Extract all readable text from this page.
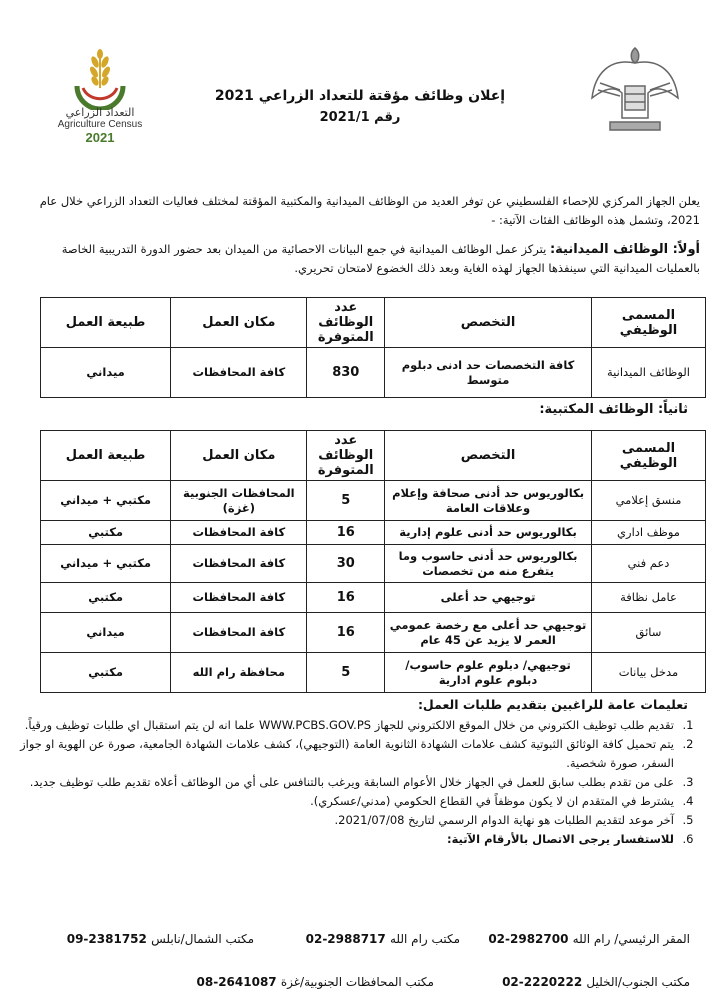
التعداد الزراعي
Agriculture Census
2021
إعلان وظائف مؤقتة للتعداد الزراعي 2021
رقم 2021/1
يعلن الجهاز المركزي للإحصاء الفلسطيني عن توفر العديد من الوظائف الميدانية والمكتبية المؤقتة لمختلف فعاليات التعداد الزراعي خلال عام 2021، وتشمل هذه الوظائف الفئات الآتية: -
أولاً: الوظائف الميدانية: يتركز عمل الوظائف الميدانية في جمع البيانات الاحصائية من الميدان بعد حضور الدورة التدريبية الخاصة بالعمليات الميدانية التي سينفذها الجهاز لهذه الغاية وبعد ذلك الخضوع لامتحان تحريري.
المسمى الوظيفي	التخصص	عدد الوظائف المتوفرة	مكان العمل	طبيعة العمل
الوظائف الميدانية	كافة التخصصات حد ادنى دبلوم متوسط	830	كافة المحافظات	ميداني
ثانياً: الوظائف المكتبية:
المسمى الوظيفي	التخصص	عدد الوظائف المتوفرة	مكان العمل	طبيعة العمل
منسق إعلامي	بكالوريوس حد أدنى صحافة وإعلام وعلاقات العامة	5	المحافظات الجنوبية (غزة)	مكتبي + ميداني
موظف اداري	بكالوريوس حد أدنى علوم إدارية	16	كافة المحافظات	مكتبي
دعم فني	بكالوريوس حد أدنى حاسوب وما يتفرع منه من تخصصات	30	كافة المحافظات	مكتبي + ميداني
عامل نظافة	توجيهي حد أعلى	16	كافة المحافظات	مكتبي
سائق	توجيهي حد أعلى مع رخصة عمومي العمر لا يزيد عن 45 عام	16	كافة المحافظات	ميداني
مدخل بيانات	توجيهي/ دبلوم علوم حاسوب/ دبلوم علوم ادارية	5	محافظة رام الله	مكتبي
تعليمات عامة للراغبين بتقديم طلبات العمل:
1.
تقديم طلب توظيف الكتروني من خلال الموقع الالكتروني للجهاز WWW.PCBS.GOV.PS علما انه لن يتم استقبال اي طلبات توظيف ورقياً.
2.
يتم تحميل كافة الوثائق الثبوتية كشف علامات الشهادة الثانوية العامة (التوجيهي)، كشف علامات الشهادة الجامعية، صورة عن الهوية او جواز السفر، صورة شخصية.
3.
على من تقدم بطلب سابق للعمل في الجهاز خلال الأعوام السابقة ويرغب بالتنافس على أي من الوظائف أعلاه تقديم طلب توظيف جديد.
4.
يشترط في المتقدم ان لا يكون موظفاً في القطاع الحكومي (مدني/عسكري).
5.
آخر موعد لتقديم الطلبات هو نهاية الدوام الرسمي لتاريخ 2021/07/08.
6.
للاستفسار يرجى الاتصال بالأرقام الآتية:
المقر الرئيسي/ رام الله 02-2982700
مكتب رام الله 02-2988717
مكتب الشمال/نابلس 09-2381752
مكتب الجنوب/الخليل 02-2220222
مكتب المحافظات الجنوبية/غزة 08-2641087
